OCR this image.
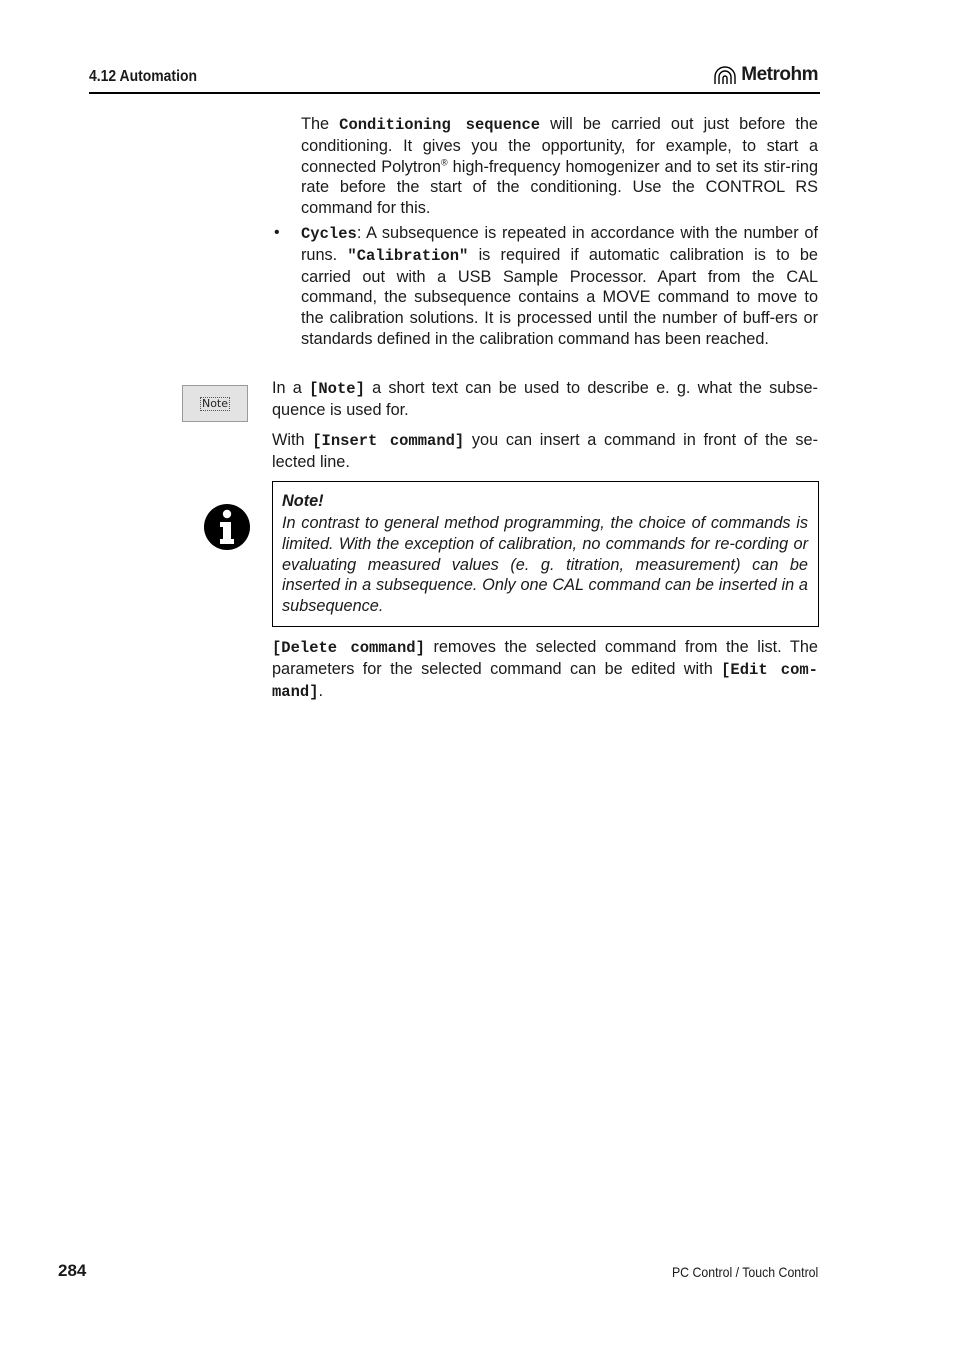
4.12 Automation	Metrohm

The Conditioning sequence will be carried out just before the conditioning. It gives you the opportunity, for example, to start a connected Polytron® high-frequency homogenizer and to set its stir-ring rate before the start of the conditioning. Use the CONTROL RS command for this.

• Cycles: A subsequence is repeated in accordance with the number of runs. "Calibration" is required if automatic calibration is to be carried out with a USB Sample Processor. Apart from the CAL command, the subsequence contains a MOVE command to move to the calibration solutions. It is processed until the number of buff-ers or standards defined in the calibration command has been reached.

Note

In a [Note] a short text can be used to describe e. g. what the subse-quence is used for.

With [Insert command] you can insert a command in front of the se-lected line.

Note!

In contrast to general method programming, the choice of commands is limited. With the exception of calibration, no commands for re-cording or evaluating measured values (e. g. titration, measurement) can be inserted in a subsequence. Only one CAL command can be inserted in a subsequence.

[Delete command] removes the selected command from the list. The parameters for the selected command can be edited with [Edit com-mand].

284	PC Control / Touch Control
